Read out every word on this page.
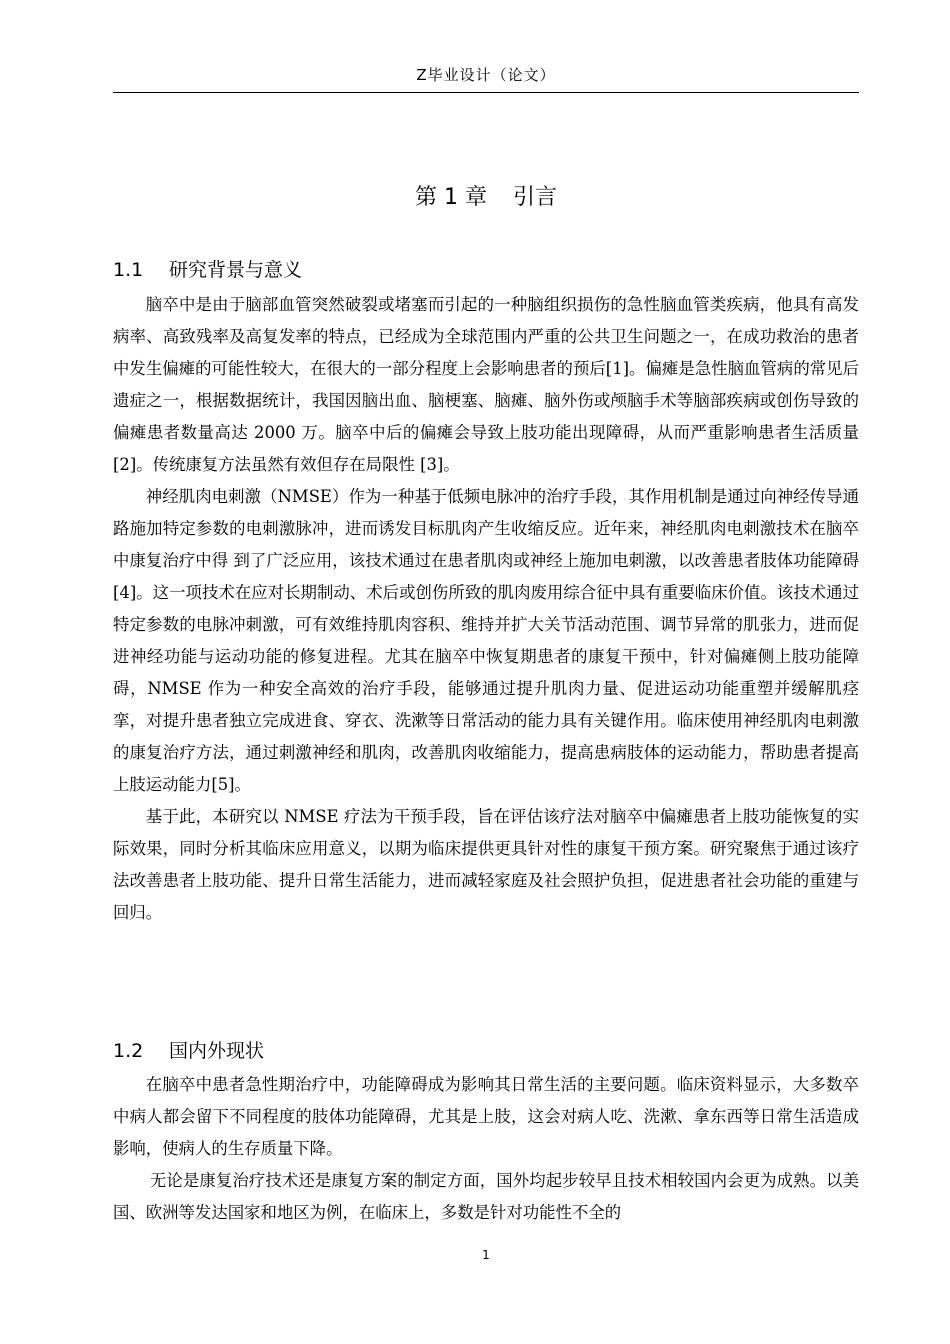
Z毕业设计（论文）
第 1 章 引言
1.1 研究背景与意义

脑卒中是由于脑部血管突然破裂或堵塞而引起的一种脑组织损伤的急性脑血管类疾病，他具有高发病率、高致残率及高复发率的特点，已经成为全球范围内严重的公共卫生问题之一，在成功救治的患者中发生偏瘫的可能性较大，在很大的一部分程度上会影响患者的预后[1]。偏瘫是急性脑血管病的常见后遗症之一，根据数据统计，我国因脑出血、脑梗塞、脑瘫、脑外伤或颅脑手术等脑部疾病或创伤导致的偏瘫患者数量高达 2000 万。脑卒中后的偏瘫会导致上肢功能出现障碍，从而严重影响患者生活质量[2]。传统康复方法虽然有效但存在局限性 [3]。

神经肌肉电刺激（NMSE）作为一种基于低频电脉冲的治疗手段，其作用机制是通过向神经传导通路施加特定参数的电刺激脉冲，进而诱发目标肌肉产生收缩反应。近年来，神经肌肉电刺激技术在脑卒中康复治疗中得 到了广泛应用，该技术通过在患者肌肉或神经上施加电刺激，以改善患者肢体功能障碍[4]。这一项技术在应对长期制动、术后或创伤所致的肌肉废用综合征中具有重要临床价值。该技术通过特定参数的电脉冲刺激，可有效维持肌肉容积、维持并扩大关节活动范围、调节异常的肌张力，进而促进神经功能与运动功能的修复进程。尤其在脑卒中恢复期患者的康复干预中，针对偏瘫侧上肢功能障碍，NMSE 作为一种安全高效的治疗手段，能够通过提升肌肉力量、促进运动功能重塑并缓解肌痉挛，对提升患者独立完成进食、穿衣、洗漱等日常活动的能力具有关键作用。临床使用神经肌肉电刺激的康复治疗方法，通过刺激神经和肌肉，改善肌肉收缩能力，提高患病肢体的运动能力，帮助患者提高上肢运动能力[5]。

基于此，本研究以 NMSE 疗法为干预手段，旨在评估该疗法对脑卒中偏瘫患者上肢功能恢复的实际效果，同时分析其临床应用意义，以期为临床提供更具针对性的康复干预方案。研究聚焦于通过该疗法改善患者上肢功能、提升日常生活能力，进而减轻家庭及社会照护负担，促进患者社会功能的重建与回归。

1.2 国内外现状

在脑卒中患者急性期治疗中，功能障碍成为影响其日常生活的主要问题。临床资料显示，大多数卒中病人都会留下不同程度的肢体功能障碍，尤其是上肢，这会对病人吃、洗漱、拿东西等日常生活造成影响，使病人的生存质量下降。

无论是康复治疗技术还是康复方案的制定方面，国外均起步较早且技术相较国内会更为成熟。以美国、欧洲等发达国家和地区为例，在临床上，多数是针对功能性不全的

1
